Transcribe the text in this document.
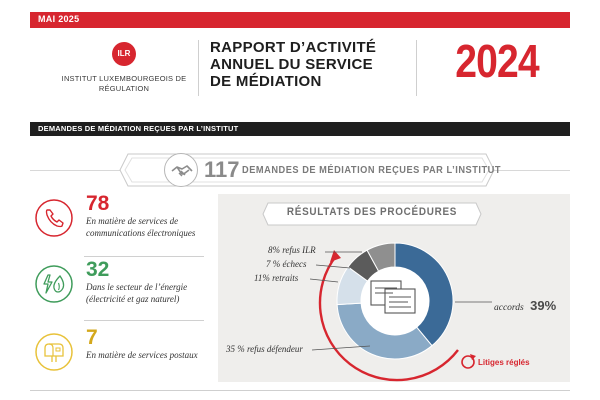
MAI 2025
ILR
INSTITUT LUXEMBOURGEOIS DE RÉGULATION
RAPPORT D’ACTIVITÉ ANNUEL DU SERVICE DE MÉDIATION	2024
DEMANDES DE MÉDIATION REÇUES PAR L’INSTITUT
117 DEMANDES DE MÉDIATION REÇUES PAR L’INSTITUT
78
En matière de services de communications électroniques
32
Dans le secteur de l’énergie (électricité et gaz naturel)
7
En matière de services postaux
RÉSULTATS DES PROCÉDURES
8% refus ILR
7 % échecs
11% retraits
35 % refus défendeur
accords 39%
Litiges réglés
